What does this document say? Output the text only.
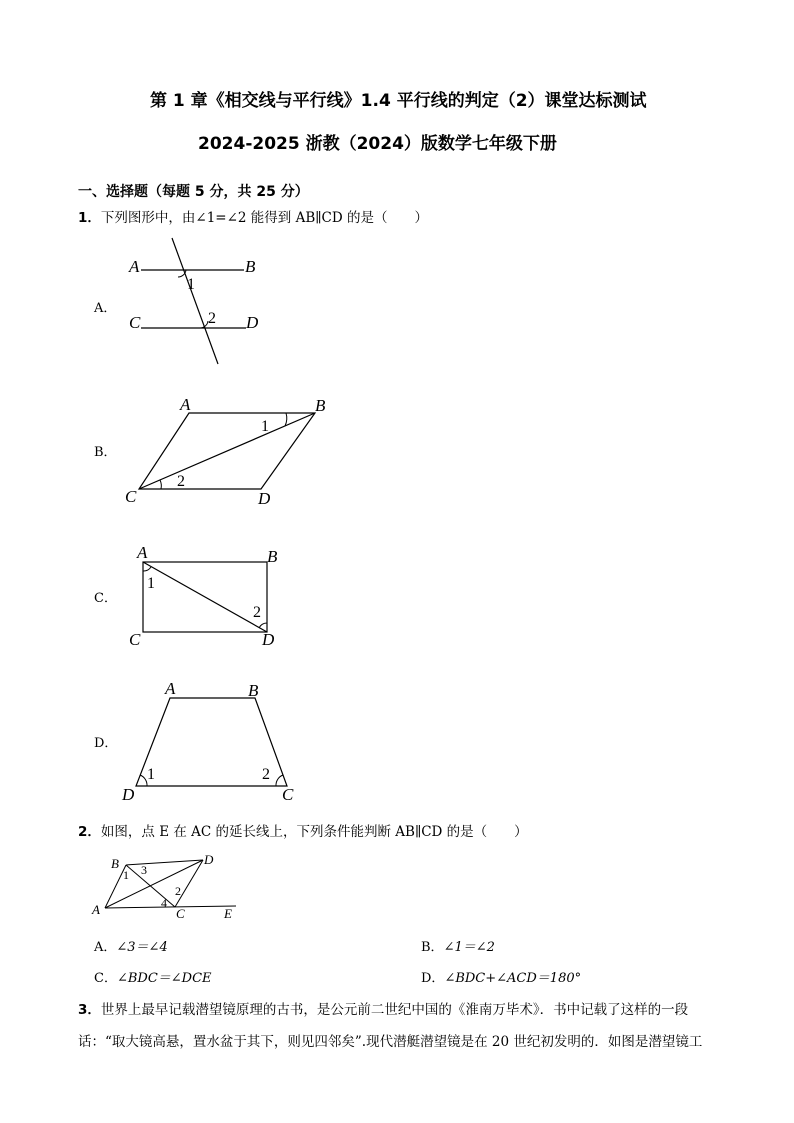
第 1 章《相交线与平行线》1.4 平行线的判定（2）课堂达标测试
2024-2025 浙教（2024）版数学七年级下册
一、选择题（每题 5 分，共 25 分）
1．下列图形中，由∠1=∠2 能得到 AB∥CD 的是（　　）
A．
A	B
C	D
1
2
B．
A	B
C	D
1
2
C．
A	B
C	D
1
2
D．
A	B
D	C
1	2
2．如图，点 E 在 AC 的延长线上，下列条件能判断 AB∥CD 的是（　　）
B	D
A	C	E
1 3
2
4
A．∠3＝∠4	B．∠1＝∠2
C．∠BDC＝∠DCE	D．∠BDC+∠ACD＝180°
3．世界上最早记载潜望镜原理的古书，是公元前二世纪中国的《淮南万毕术》．书中记载了这样的一段
话：“取大镜高悬，置水盆于其下，则见四邻矣”.现代潜艇潜望镜是在 20 世纪初发明的．如图是潜望镜工
